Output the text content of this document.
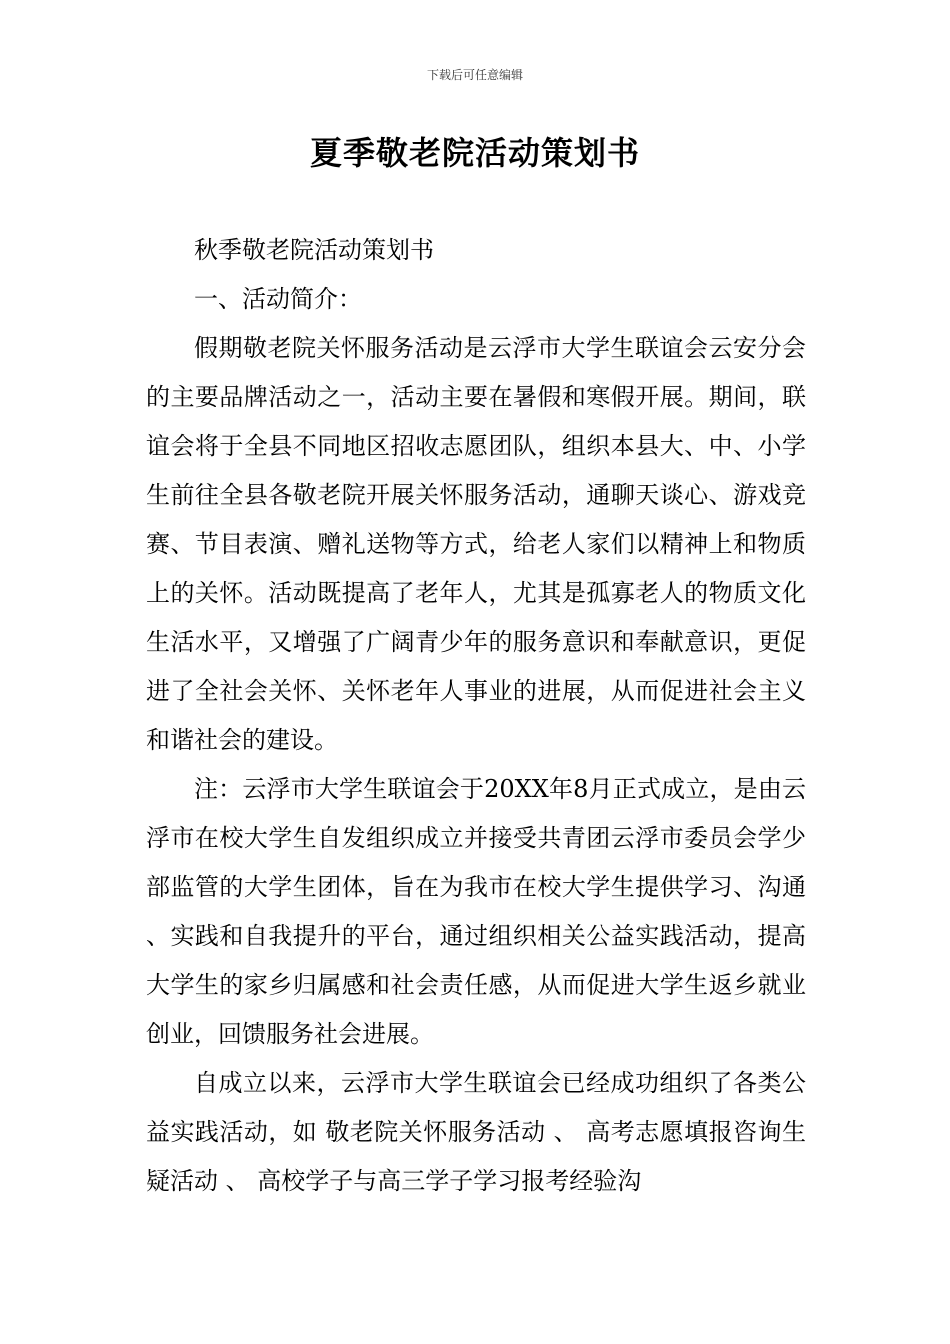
下载后可任意编辑
夏季敬老院活动策划书

秋季敬老院活动策划书

一、活动简介：

假期敬老院关怀服务活动是云浮市大学生联谊会云安分会的主要品牌活动之一，活动主要在暑假和寒假开展。期间，联谊会将于全县不同地区招收志愿团队，组织本县大、中、小学生前往全县各敬老院开展关怀服务活动，通聊天谈心、游戏竞赛、节目表演、赠礼送物等方式，给老人家们以精神上和物质上的关怀。活动既提高了老年人，尤其是孤寡老人的物质文化生活水平，又增强了广阔青少年的服务意识和奉献意识，更促进了全社会关怀、关怀老年人事业的进展，从而促进社会主义和谐社会的建设。

注：云浮市大学生联谊会于20XX年8月正式成立，是由云浮市在校大学生自发组织成立并接受共青团云浮市委员会学少部监管的大学生团体，旨在为我市在校大学生提供学习、沟通、实践和自我提升的平台，通过组织相关公益实践活动，提高大学生的家乡归属感和社会责任感，从而促进大学生返乡就业创业，回馈服务社会进展。

自成立以来，云浮市大学生联谊会已经成功组织了各类公益实践活动，如 敬老院关怀服务活动 、 高考志愿填报咨询生疑活动 、 高校学子与高三学子学习报考经验沟
